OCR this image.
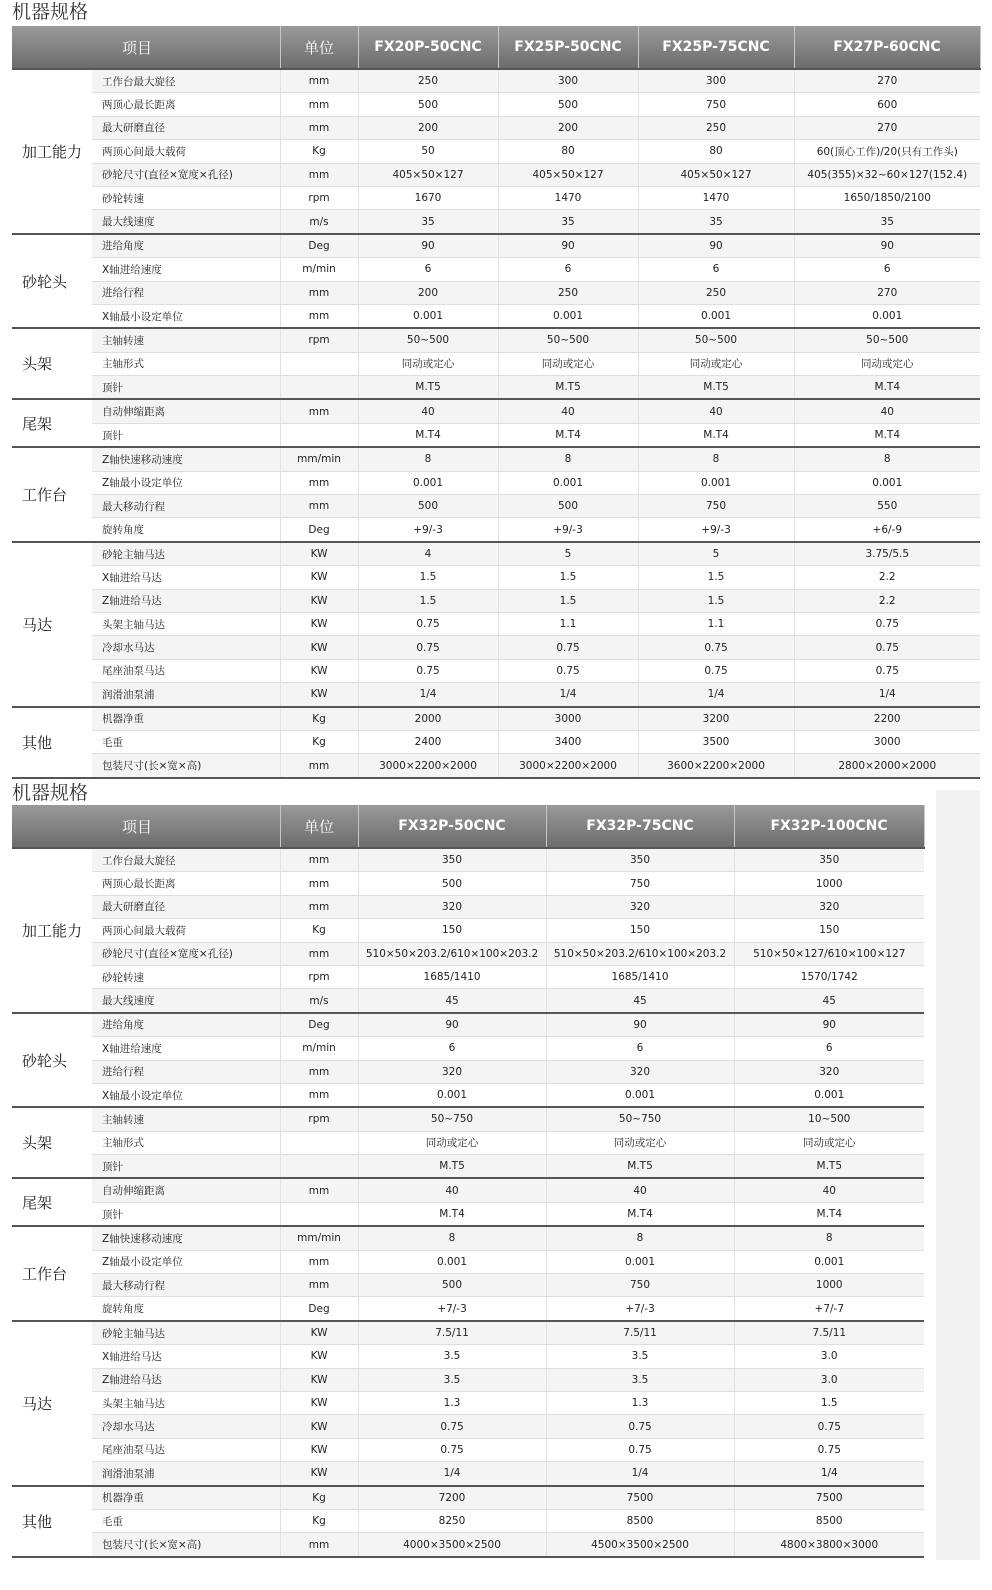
机器规格
项目		单位	FX20P-50CNC	FX25P-50CNC	FX25P-75CNC	FX27P-60CNC
加工能力	工作台最大旋径	mm	250	300	300	270
	两顶心最长距离	mm	500	500	750	600
	最大研磨直径	mm	200	200	250	270
	两顶心间最大载荷	Kg	50	80	80	60(顶心工作)/20(只有工作头)
	砂轮尺寸(直径×宽度×孔径)	mm	405×50×127	405×50×127	405×50×127	405(355)×32~60×127(152.4)
	砂轮转速	rpm	1670	1470	1470	1650/1850/2100
	最大线速度	m/s	35	35	35	35
砂轮头	进给角度	Deg	90	90	90	90
	X轴进给速度	m/min	6	6	6	6
	进给行程	mm	200	250	250	270
	X轴最小设定单位	mm	0.001	0.001	0.001	0.001
头架	主轴转速	rpm	50~500	50~500	50~500	50~500
	主轴形式		同动或定心	同动或定心	同动或定心	同动或定心
	顶针		M.T5	M.T5	M.T5	M.T4
尾架	自动伸缩距离	mm	40	40	40	40
	顶针		M.T4	M.T4	M.T4	M.T4
工作台	Z轴快速移动速度	mm/min	8	8	8	8
	Z轴最小设定单位	mm	0.001	0.001	0.001	0.001
	最大移动行程	mm	500	500	750	550
	旋转角度	Deg	+9/-3	+9/-3	+9/-3	+6/-9
马达	砂轮主轴马达	KW	4	5	5	3.75/5.5
	X轴进给马达	KW	1.5	1.5	1.5	2.2
	Z轴进给马达	KW	1.5	1.5	1.5	2.2
	头架主轴马达	KW	0.75	1.1	1.1	0.75
	冷却水马达	KW	0.75	0.75	0.75	0.75
	尾座油泵马达	KW	0.75	0.75	0.75	0.75
	润滑油泵浦	KW	1/4	1/4	1/4	1/4
其他	机器净重	Kg	2000	3000	3200	2200
	毛重	Kg	2400	3400	3500	3000
	包装尺寸(长×宽×高)	mm	3000×2200×2000	3000×2200×2000	3600×2200×2000	2800×2000×2000
机器规格
项目		单位	FX32P-50CNC	FX32P-75CNC	FX32P-100CNC
加工能力	工作台最大旋径	mm	350	350	350
	两顶心最长距离	mm	500	750	1000
	最大研磨直径	mm	320	320	320
	两顶心间最大载荷	Kg	150	150	150
	砂轮尺寸(直径×宽度×孔径)	mm	510×50×203.2/610×100×203.2	510×50×203.2/610×100×203.2	510×50×127/610×100×127
	砂轮转速	rpm	1685/1410	1685/1410	1570/1742
	最大线速度	m/s	45	45	45
砂轮头	进给角度	Deg	90	90	90
	X轴进给速度	m/min	6	6	6
	进给行程	mm	320	320	320
	X轴最小设定单位	mm	0.001	0.001	0.001
头架	主轴转速	rpm	50~750	50~750	10~500
	主轴形式		同动或定心	同动或定心	同动或定心
	顶针		M.T5	M.T5	M.T5
尾架	自动伸缩距离	mm	40	40	40
	顶针		M.T4	M.T4	M.T4
工作台	Z轴快速移动速度	mm/min	8	8	8
	Z轴最小设定单位	mm	0.001	0.001	0.001
	最大移动行程	mm	500	750	1000
	旋转角度	Deg	+7/-3	+7/-3	+7/-7
马达	砂轮主轴马达	KW	7.5/11	7.5/11	7.5/11
	X轴进给马达	KW	3.5	3.5	3.0
	Z轴进给马达	KW	3.5	3.5	3.0
	头架主轴马达	KW	1.3	1.3	1.5
	冷却水马达	KW	0.75	0.75	0.75
	尾座油泵马达	KW	0.75	0.75	0.75
	润滑油泵浦	KW	1/4	1/4	1/4
其他	机器净重	Kg	7200	7500	7500
	毛重	Kg	8250	8500	8500
	包装尺寸(长×宽×高)	mm	4000×3500×2500	4500×3500×2500	4800×3800×3000
